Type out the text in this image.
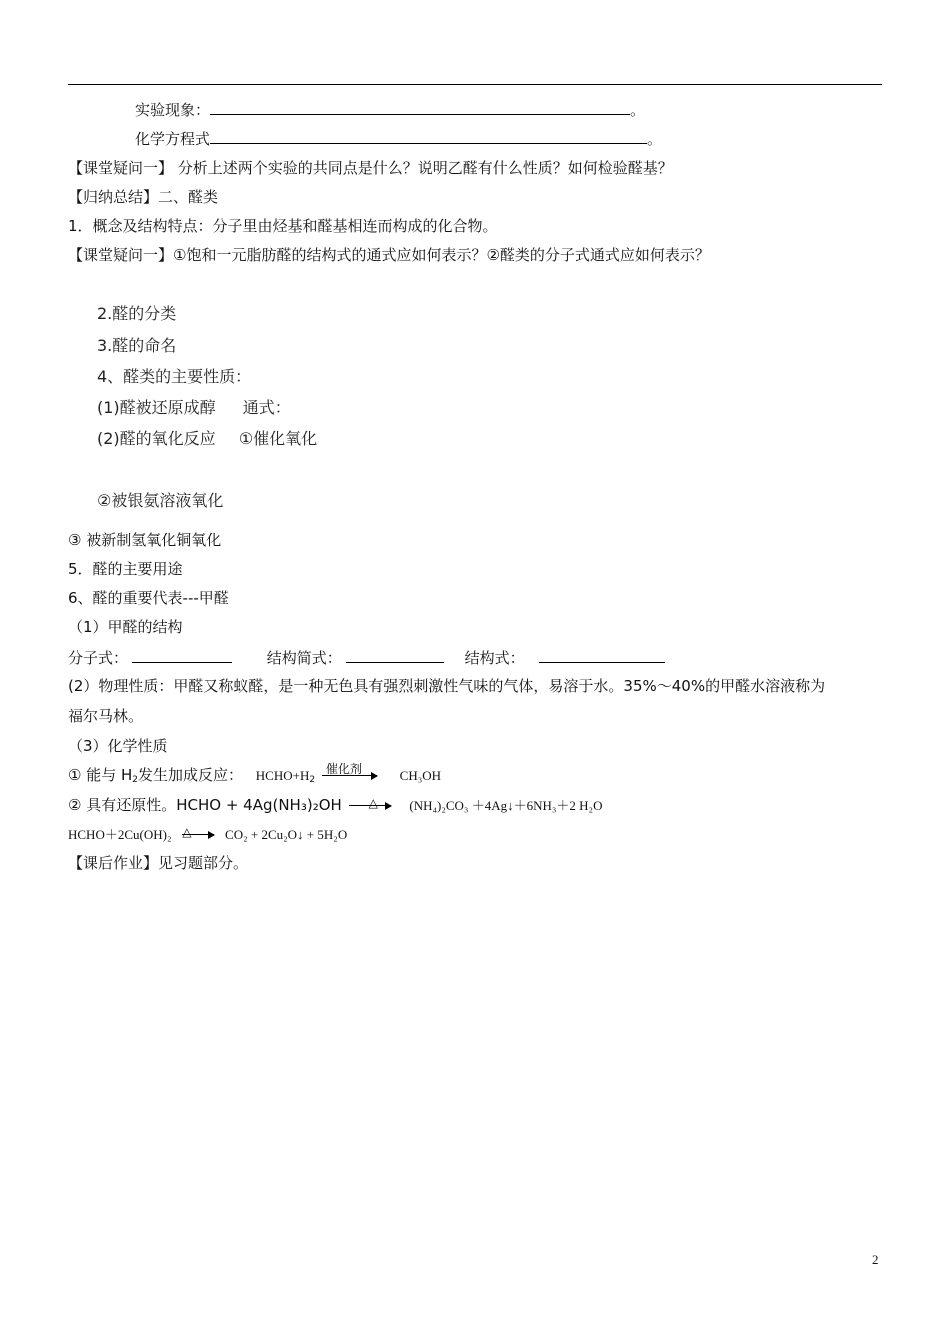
实验现象：	。
化学方程式	。
【课堂疑问一】 分析上述两个实验的共同点是什么？说明乙醛有什么性质？如何检验醛基？
【归纳总结】二、醛类
1．概念及结构特点：分子里由烃基和醛基相连而构成的化合物。
【课堂疑问一】①饱和一元脂肪醛的结构式的通式应如何表示？②醛类的分子式通式应如何表示？
2.醛的分类
3.醛的命名
4、醛类的主要性质：
(1)醛被还原成醇 通式：
(2)醛的氧化反应 ①催化氧化
②被银氨溶液氧化
③ 被新制氢氧化铜氧化
5．醛的主要用途
6、醛的重要代表---甲醛
（1）甲醛的结构
分子式：	结构简式：	结构式：
(2）物理性质：甲醛又称蚁醛，是一种无色具有强烈刺激性气味的气体，易溶于水。35%～40%的甲醛水溶液称为
福尔马林。
（3）化学性质
① 能与 $H_2$发生加成反应： $HCHO+H_2$
催化剂	CH₃OH
② 具有还原性。HCHO + 4Ag(NH₃)₂OH △ (NH₄)₂CO₃ ＋4Ag↓＋6NH₃＋2 H₂O
HCHO＋2Cu(OH)₂ △	CO₂ + 2Cu₂O↓ + 5H₂O
【课后作业】见习题部分。
2
